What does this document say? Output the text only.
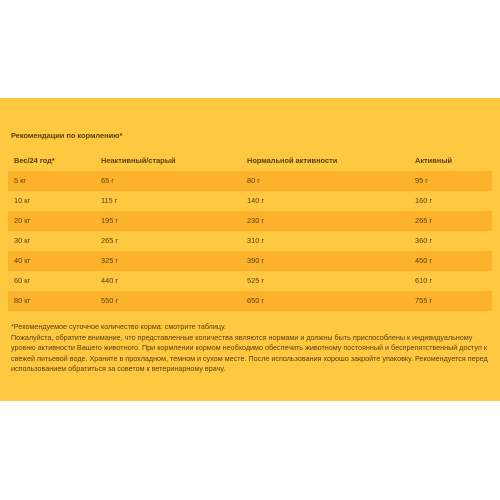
Рекомендации по кормлению*
Вес/24 год*	Неактивный/старый	Нормальной активности	Активный
5 кг	65 г	80 г	95 г
10 кг	115 г	140 г	160 г
20 кг	195 г	230 г	265 г
30 кг	265 г	310 г	360 г
40 кг	325 г	390 г	450 г
60 кг	440 г	525 г	610 г
80 кг	550 г	650 г	755 г

*Рекомендуемое суточное количество корма: смотрите таблицу.

Пожалуйста, обратите внимание, что представленные количества являются нормами и должны быть приспособлены к индивидуальному

уровню активности Вашего животного. При кормлении кормом необходимо обеспечить животному постоянный и беспрепятственный доступ к

свежей питьевой воде. Храните в прохладном, темном и сухом месте. После использования хорошо закройте упаковку. Рекомендуется перед

использованием обратиться за советом к ветеринарному врачу.
